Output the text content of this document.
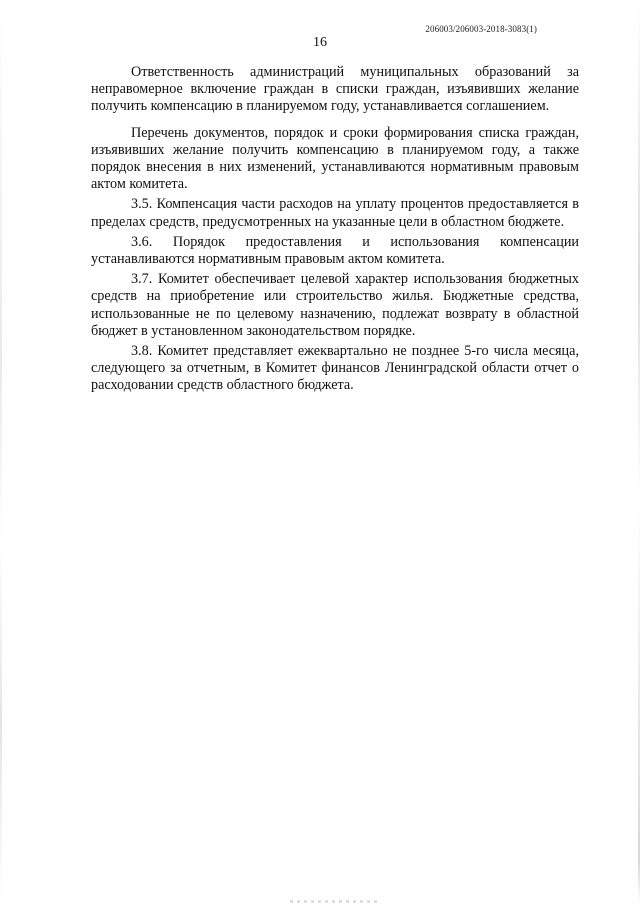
206003/206003-2018-3083(1)
16

Ответственность администраций муниципальных образований за неправомерное включение граждан в списки граждан, изъявивших желание получить компенсацию в планируемом году, устанавливается соглашением.

Перечень документов, порядок и сроки формирования списка граждан, изъявивших желание получить компенсацию в планируемом году, а также порядок внесения в них изменений, устанавливаются нормативным правовым актом комитета.

3.5. Компенсация части расходов на уплату процентов предоставляется в пределах средств, предусмотренных на указанные цели в областном бюджете.

3.6. Порядок предоставления и использования компенсации устанавливаются нормативным правовым актом комитета.

3.7. Комитет обеспечивает целевой характер использования бюджетных средств на приобретение или строительство жилья. Бюджетные средства, использованные не по целевому назначению, подлежат возврату в областной бюджет в установленном законодательством порядке.

3.8. Комитет представляет ежеквартально не позднее 5-го числа месяца, следующего за отчетным, в Комитет финансов Ленинградской области отчет о расходовании средств областного бюджета.
